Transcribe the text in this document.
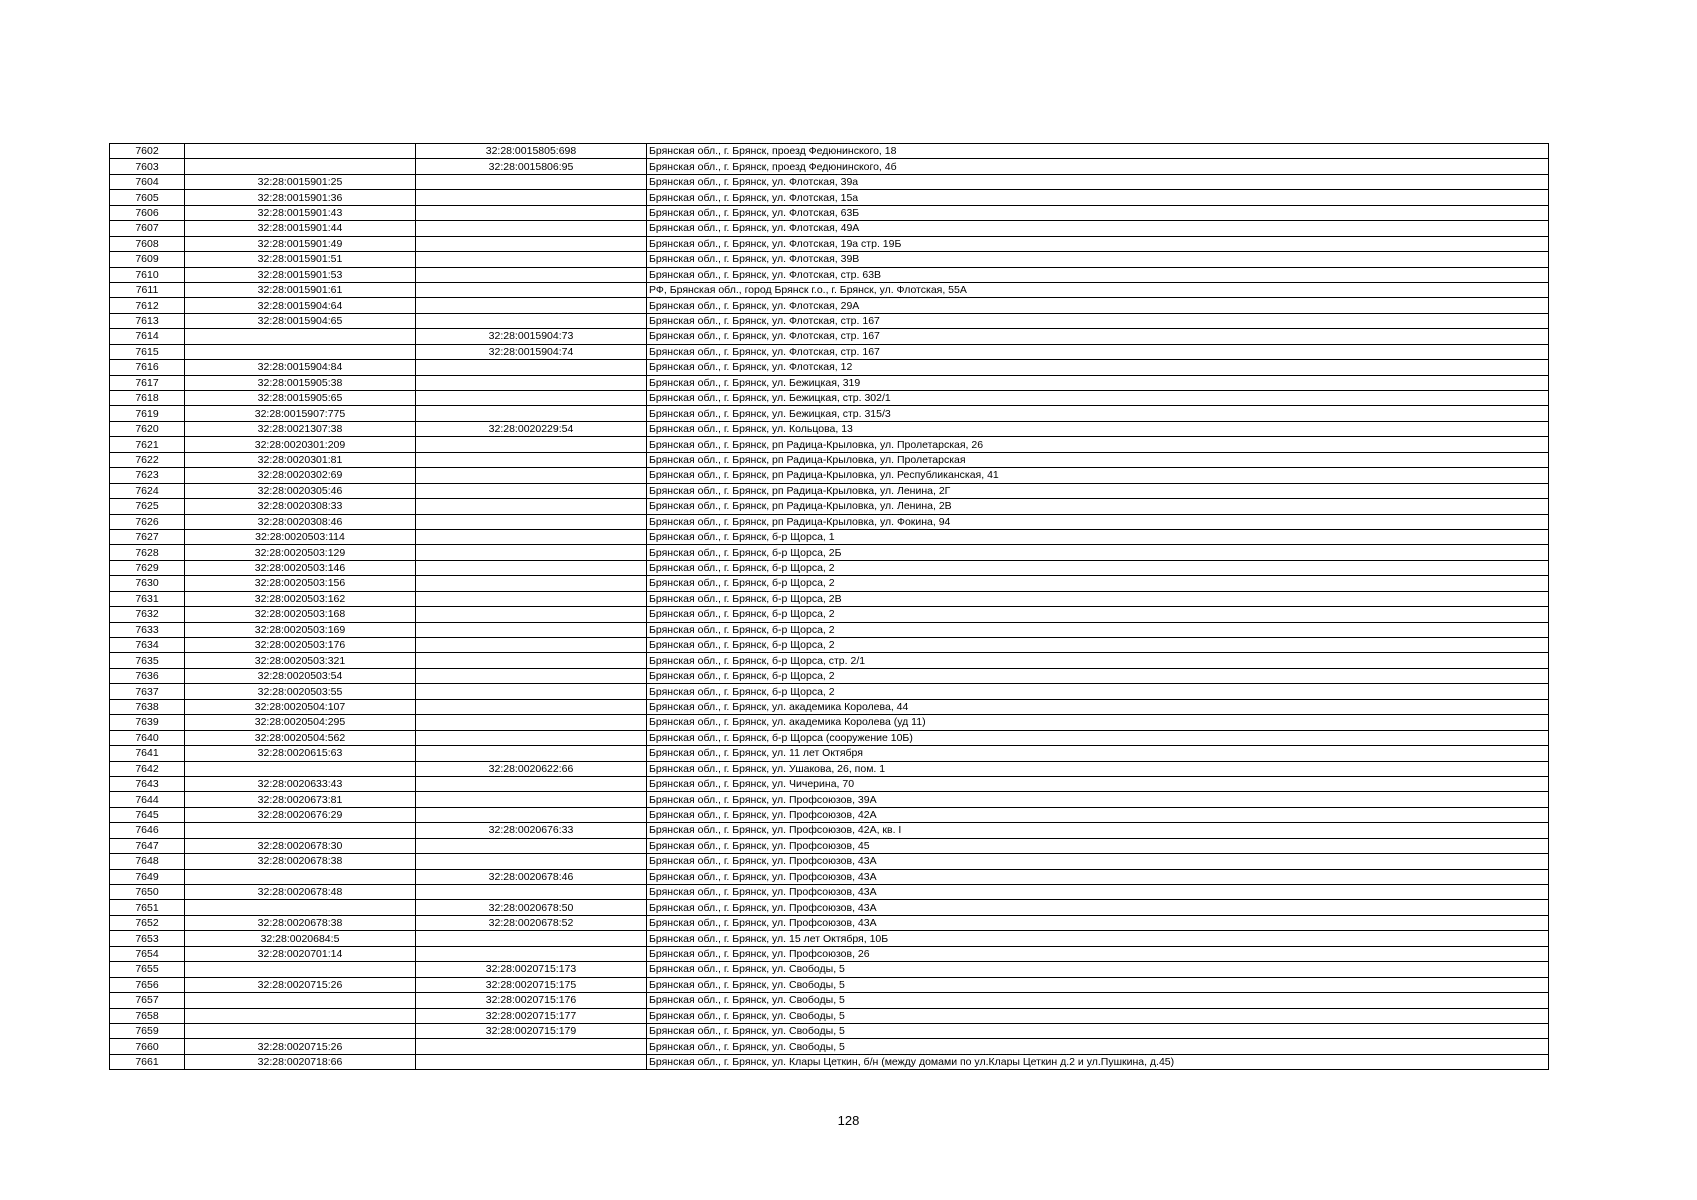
7602		32:28:0015805:698	Брянская обл., г. Брянск, проезд Федюнинского, 18
7603		32:28:0015806:95	Брянская обл., г. Брянск, проезд Федюнинского, 4б
7604	32:28:0015901:25		Брянская обл., г. Брянск, ул. Флотская, 39а
7605	32:28:0015901:36		Брянская обл., г. Брянск, ул. Флотская, 15а
7606	32:28:0015901:43		Брянская обл., г. Брянск, ул. Флотская, 63Б
7607	32:28:0015901:44		Брянская обл., г. Брянск, ул. Флотская, 49А
7608	32:28:0015901:49		Брянская обл., г. Брянск, ул. Флотская, 19а стр. 19Б
7609	32:28:0015901:51		Брянская обл., г. Брянск, ул. Флотская, 39В
7610	32:28:0015901:53		Брянская обл., г. Брянск, ул. Флотская, стр. 63В
7611	32:28:0015901:61		РФ, Брянская обл., город Брянск г.о., г. Брянск, ул. Флотская, 55А
7612	32:28:0015904:64		Брянская обл., г. Брянск, ул. Флотская, 29А
7613	32:28:0015904:65		Брянская обл., г. Брянск, ул. Флотская, стр. 167
7614		32:28:0015904:73	Брянская обл., г. Брянск, ул. Флотская, стр. 167
7615		32:28:0015904:74	Брянская обл., г. Брянск, ул. Флотская, стр. 167
7616	32:28:0015904:84		Брянская обл., г. Брянск, ул. Флотская, 12
7617	32:28:0015905:38		Брянская обл., г. Брянск, ул. Бежицкая, 319
7618	32:28:0015905:65		Брянская обл., г. Брянск, ул. Бежицкая, стр. 302/1
7619	32:28:0015907:775		Брянская обл., г. Брянск, ул. Бежицкая, стр. 315/3
7620	32:28:0021307:38	32:28:0020229:54	Брянская обл., г. Брянск, ул. Кольцова, 13
7621	32:28:0020301:209		Брянская обл., г. Брянск, рп Радица-Крыловка, ул. Пролетарская, 26
7622	32:28:0020301:81		Брянская обл., г. Брянск, рп Радица-Крыловка, ул. Пролетарская
7623	32:28:0020302:69		Брянская обл., г. Брянск, рп Радица-Крыловка, ул. Республиканская, 41
7624	32:28:0020305:46		Брянская обл., г. Брянск, рп Радица-Крыловка, ул. Ленина, 2Г
7625	32:28:0020308:33		Брянская обл., г. Брянск, рп Радица-Крыловка, ул. Ленина, 2В
7626	32:28:0020308:46		Брянская обл., г. Брянск, рп Радица-Крыловка, ул. Фокина, 94
7627	32:28:0020503:114		Брянская обл., г. Брянск, б-р Щорса, 1
7628	32:28:0020503:129		Брянская обл., г. Брянск, б-р Щорса, 2Б
7629	32:28:0020503:146		Брянская обл., г. Брянск, б-р Щорса, 2
7630	32:28:0020503:156		Брянская обл., г. Брянск, б-р Щорса, 2
7631	32:28:0020503:162		Брянская обл., г. Брянск, б-р Щорса, 2В
7632	32:28:0020503:168		Брянская обл., г. Брянск, б-р Щорса, 2
7633	32:28:0020503:169		Брянская обл., г. Брянск, б-р Щорса, 2
7634	32:28:0020503:176		Брянская обл., г. Брянск, б-р Щорса, 2
7635	32:28:0020503:321		Брянская обл., г. Брянск, б-р Щорса, стр. 2/1
7636	32:28:0020503:54		Брянская обл., г. Брянск, б-р Щорса, 2
7637	32:28:0020503:55		Брянская обл., г. Брянск, б-р Щорса, 2
7638	32:28:0020504:107		Брянская обл., г. Брянск, ул. академика Королева, 44
7639	32:28:0020504:295		Брянская обл., г. Брянск, ул. академика Королева (уд 11)
7640	32:28:0020504:562		Брянская обл., г. Брянск, б-р Щорса (сооружение 10Б)
7641	32:28:0020615:63		Брянская обл., г. Брянск, ул. 11 лет Октября
7642		32:28:0020622:66	Брянская обл., г. Брянск, ул. Ушакова, 26, пом. 1
7643	32:28:0020633:43		Брянская обл., г. Брянск, ул. Чичерина, 70
7644	32:28:0020673:81		Брянская обл., г. Брянск, ул. Профсоюзов, 39А
7645	32:28:0020676:29		Брянская обл., г. Брянск, ул. Профсоюзов, 42А
7646		32:28:0020676:33	Брянская обл., г. Брянск, ул. Профсоюзов, 42А, кв. I
7647	32:28:0020678:30		Брянская обл., г. Брянск, ул. Профсоюзов, 45
7648	32:28:0020678:38		Брянская обл., г. Брянск, ул. Профсоюзов, 43А
7649		32:28:0020678:46	Брянская обл., г. Брянск, ул. Профсоюзов, 43А
7650	32:28:0020678:48		Брянская обл., г. Брянск, ул. Профсоюзов, 43А
7651		32:28:0020678:50	Брянская обл., г. Брянск, ул. Профсоюзов, 43А
7652	32:28:0020678:38	32:28:0020678:52	Брянская обл., г. Брянск, ул. Профсоюзов, 43А
7653	32:28:0020684:5		Брянская обл., г. Брянск, ул. 15 лет Октября, 10Б
7654	32:28:0020701:14		Брянская обл., г. Брянск, ул. Профсоюзов, 26
7655		32:28:0020715:173	Брянская обл., г. Брянск, ул. Свободы, 5
7656	32:28:0020715:26	32:28:0020715:175	Брянская обл., г. Брянск, ул. Свободы, 5
7657		32:28:0020715:176	Брянская обл., г. Брянск, ул. Свободы, 5
7658		32:28:0020715:177	Брянская обл., г. Брянск, ул. Свободы, 5
7659		32:28:0020715:179	Брянская обл., г. Брянск, ул. Свободы, 5
7660	32:28:0020715:26		Брянская обл., г. Брянск, ул. Свободы, 5
7661	32:28:0020718:66		Брянская обл., г. Брянск, ул. Клары Цеткин, б/н (между домами по ул.Клары Цеткин д.2 и ул.Пушкина, д.45)
128
